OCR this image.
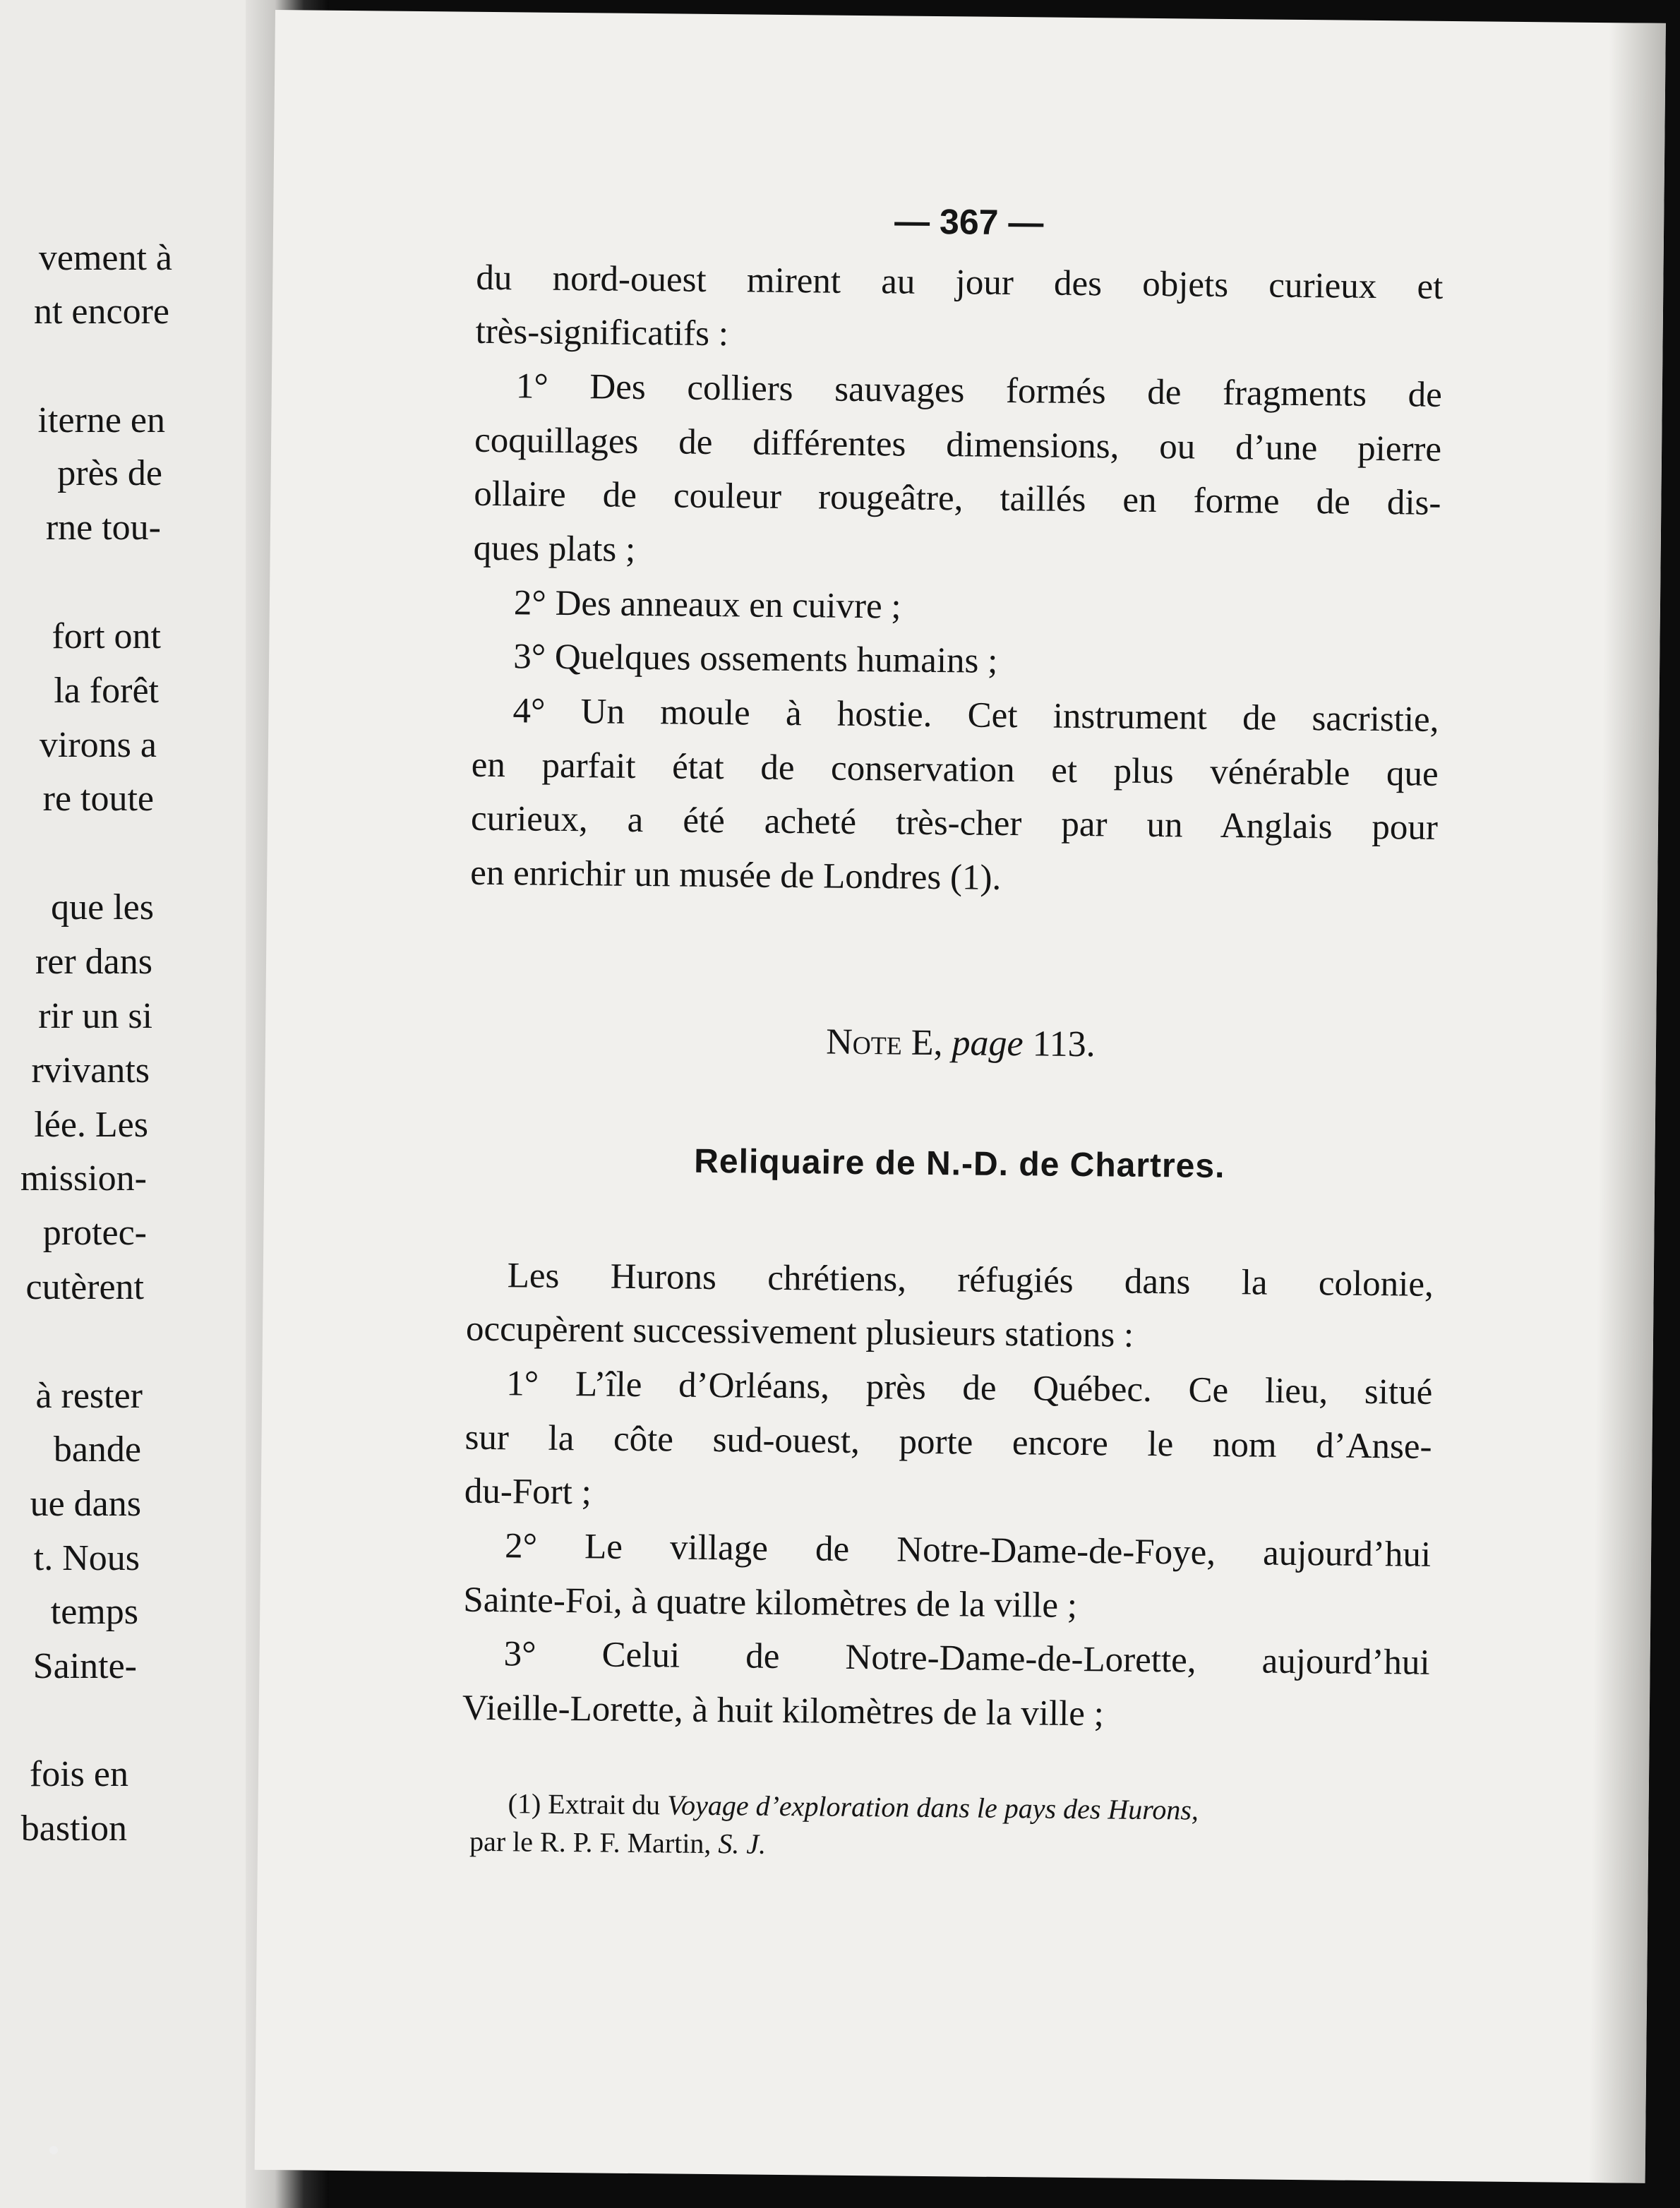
vement à
nt encore
iterne en
près de
rne tou-
fort ont
la forêt
virons a
re toute
que les
rer dans
rir un si
rvivants
lée. Les
mission-
protec-
cutèrent
à rester
bande
ue dans
t. Nous
temps
Sainte-
fois en
bastion
— 367 —
du nord-ouest mirent au jour des objets curieux et
très-significatifs :
1° Des colliers sauvages formés de fragments de
coquillages de différentes dimensions, ou d’une pierre
ollaire de couleur rougeâtre, taillés en forme de dis-
ques plats ;
2° Des anneaux en cuivre ;
3° Quelques ossements humains ;
4° Un moule à hostie. Cet instrument de sacristie,
en parfait état de conservation et plus vénérable que
curieux, a été acheté très-cher par un Anglais pour
en enrichir un musée de Londres (1).
Note E, page 113.
Reliquaire de N.-D. de Chartres.
Les Hurons chrétiens, réfugiés dans la colonie,
occupèrent successivement plusieurs stations :
1° L’île d’Orléans, près de Québec. Ce lieu, situé
sur la côte sud-ouest, porte encore le nom d’Anse-
du-Fort ;
2° Le village de Notre-Dame-de-Foye, aujourd’hui
Sainte-Foi, à quatre kilomètres de la ville ;
3° Celui de Notre-Dame-de-Lorette, aujourd’hui
Vieille-Lorette, à huit kilomètres de la ville ;
(1) Extrait du Voyage d’exploration dans le pays des Hurons,
par le R. P. F. Martin, S. J.
